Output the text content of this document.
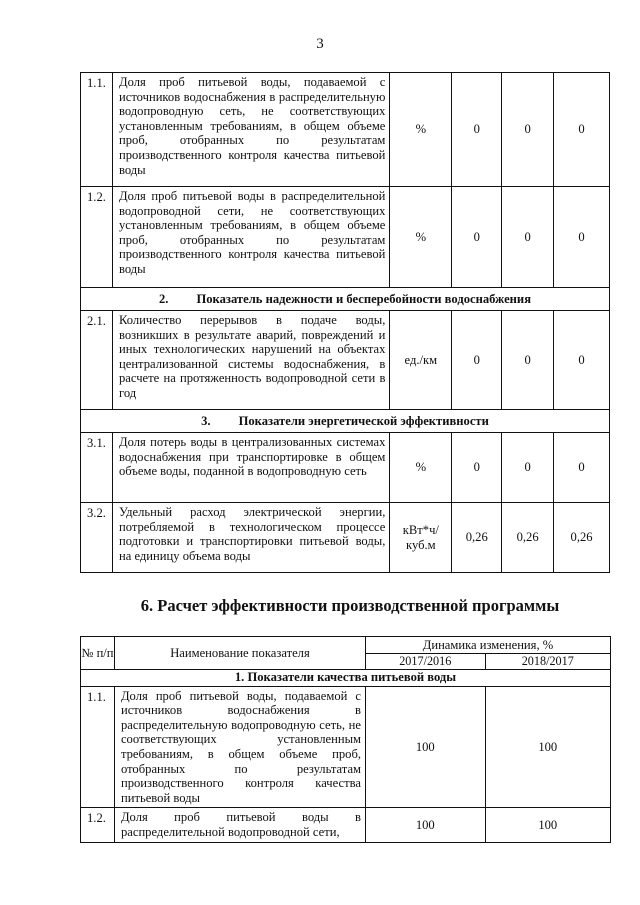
3
1.1.	Доля проб питьевой воды, подаваемой с источников водоснабжения в распределительную водопроводную сеть, не соответствующих установленным требованиям, в общем объеме проб, отобранных по результатам производственного контроля качества питьевой воды	%	0	0	0
1.2.	Доля проб питьевой воды в распределительной водопроводной сети, не соответствующих установленным требованиям, в общем объеме проб, отобранных по результатам производственного контроля качества питьевой воды	%	0	0	0
2. Показатель надежности и бесперебойности водоснабжения					
2.1.	Количество перерывов в подаче воды, возникших в результате аварий, повреждений и иных технологических нарушений на объектах централизованной системы водоснабжения, в расчете на протяженность водопроводной сети в год	ед./км	0	0	0
3. Показатели энергетической эффективности					
3.1.	Доля потерь воды в централизованных системах водоснабжения при транспортировке в общем объеме воды, поданной в водопроводную сеть	%	0	0	0
3.2.	Удельный расход электрической энергии, потребляемой в технологическом процессе подготовки и транспортировки питьевой воды, на единицу объема воды	кВт*ч/ куб.м	0,26	0,26	0,26
6. Расчет эффективности производственной программы
№ п/п	Наименование показателя	Динамика изменения, %	
		2017/2016	2018/2017
1. Показатели качества питьевой воды			
1.1.	Доля проб питьевой воды, подаваемой с источников водоснабжения в распределительную водопроводную сеть, не соответствующих установленным требованиям, в общем объеме проб, отобранных по результатам производственного контроля качества питьевой воды	100	100
1.2.	Доля проб питьевой воды в распределительной водопроводной сети,	100	100
